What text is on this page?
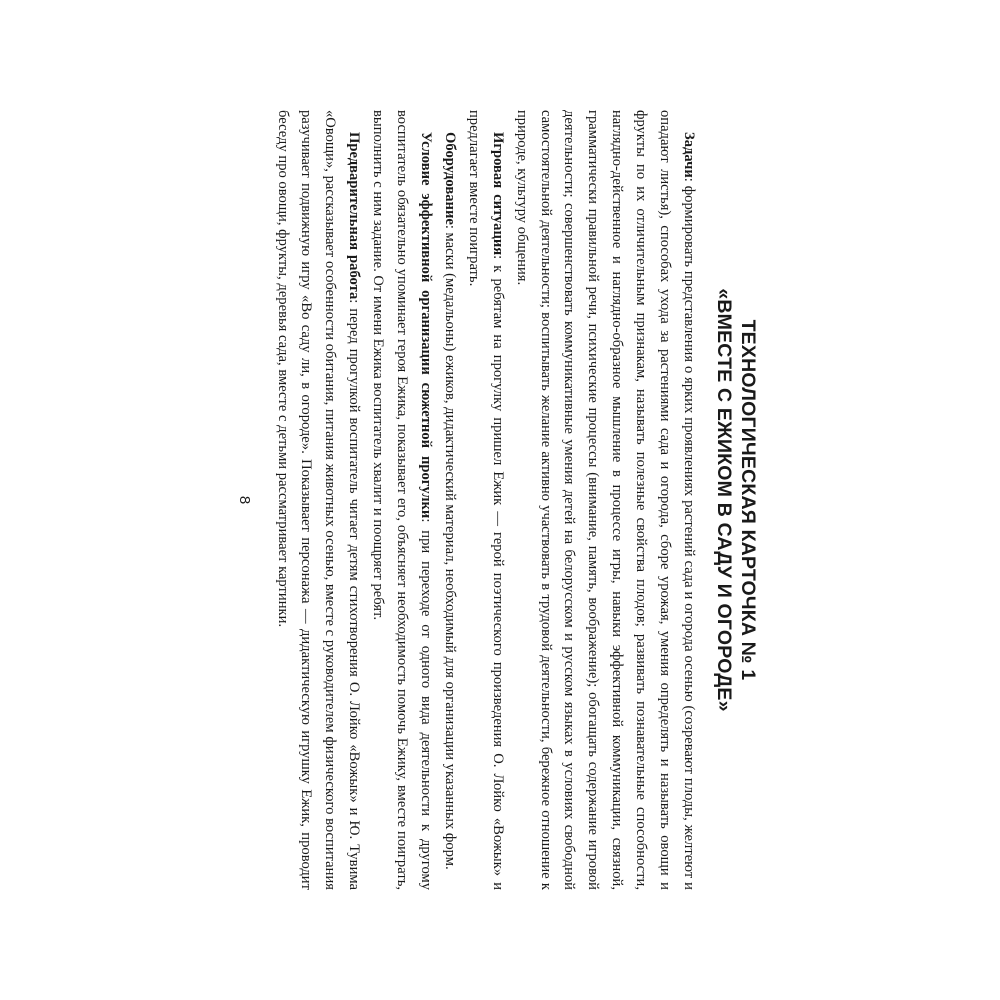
ТЕХНОЛОГИЧЕСКАЯ КАРТОЧКА № 1
«ВМЕСТЕ С ЕЖИКОМ В САДУ И ОГОРОДЕ»

Задачи: формировать представления о ярких проявлениях растений сада и огорода осенью (созревают плоды, желтеют и опадают листья), способах ухода за растениями сада и огорода, сборе урожая, умения определять и называть овощи и фрукты по их отличительным признакам, называть полезные свойства плодов; развивать познавательные способности, наглядно-действенное и наглядно-образное мышление в процессе игры, навыки эффективной коммуникации, связной, грамматически правильной речи, психические процессы (внимание, память, воображение); обогащать содержание игровой деятельности; совершенствовать коммуникативные умения детей на белорусском и русском языках в условиях свободной самостоятельной деятельности; воспитывать желание активно участвовать в трудовой деятельности, бережное отношение к природе, культуру общения.

Игровая ситуация: к ребятам на прогулку пришел Ежик — герой поэтического произведения О. Лойко «Вожык» и предлагает вместе поиграть.

Оборудование: маски (медальоны) ежиков, дидактический материал, необходимый для организации указанных форм.

Условие эффективной организации сюжетной прогулки: при переходе от одного вида деятельности к другому воспитатель обязательно упоминает героя Ежика, показывает его, объясняет необходимость помочь Ежику, вместе поиграть, выполнить с ним задание. От имени Ежика воспитатель хвалит и поощряет ребят.

Предварительная работа: перед прогулкой воспитатель читает детям стихотворения О. Лойко «Вожык» и Ю. Тувима «Овощи», рассказывает особенности обитания, питания животных осенью, вместе с руководителем физического воспитания разучивает подвижную игру «Во саду ли, в огороде». Показывает персонажа — дидактическую игрушку Ежик, проводит беседу про овощи, фрукты, деревья сада, вместе с детьми рассматривает картинки.

8
